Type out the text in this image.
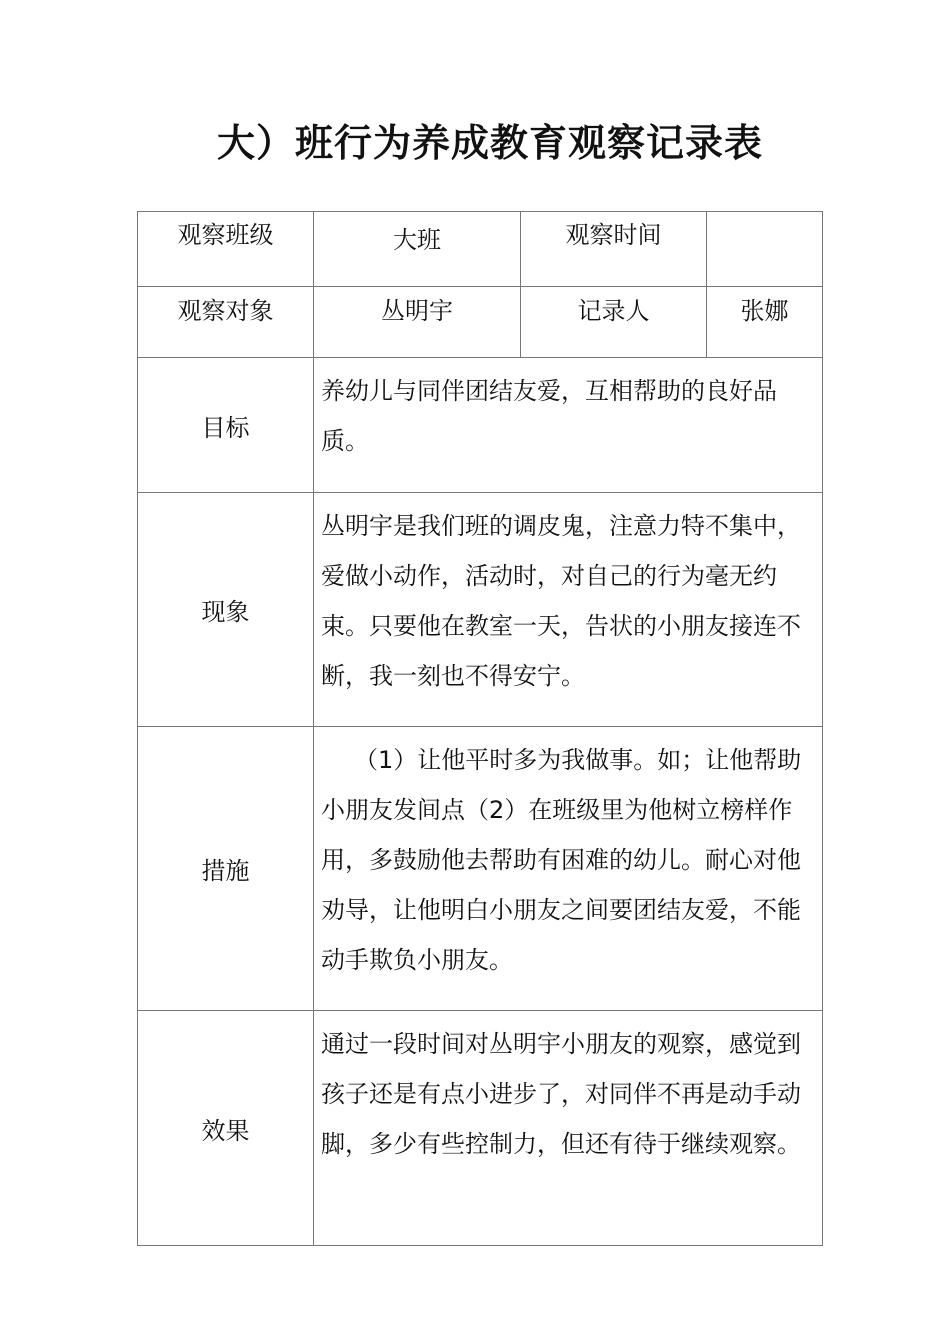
大）班行为养成教育观察记录表
观察班级	大班	观察时间	
观察对象	丛明宇	记录人	张娜
目标	养幼儿与同伴团结友爱，互相帮助的良好品质。		
现象	丛明宇是我们班的调皮鬼，注意力特不集中，爱做小动作，活动时，对自己的行为毫无约束。只要他在教室一天，告状的小朋友接连不断，我一刻也不得安宁。		
措施	（1）让他平时多为我做事。如；让他帮助小朋友发间点（2）在班级里为他树立榜样作用，多鼓励他去帮助有困难的幼儿。耐心对他劝导，让他明白小朋友之间要团结友爱，不能动手欺负小朋友。		
效果	通过一段时间对丛明宇小朋友的观察，感觉到孩子还是有点小进步了，对同伴不再是动手动脚，多少有些控制力，但还有待于继续观察。		
